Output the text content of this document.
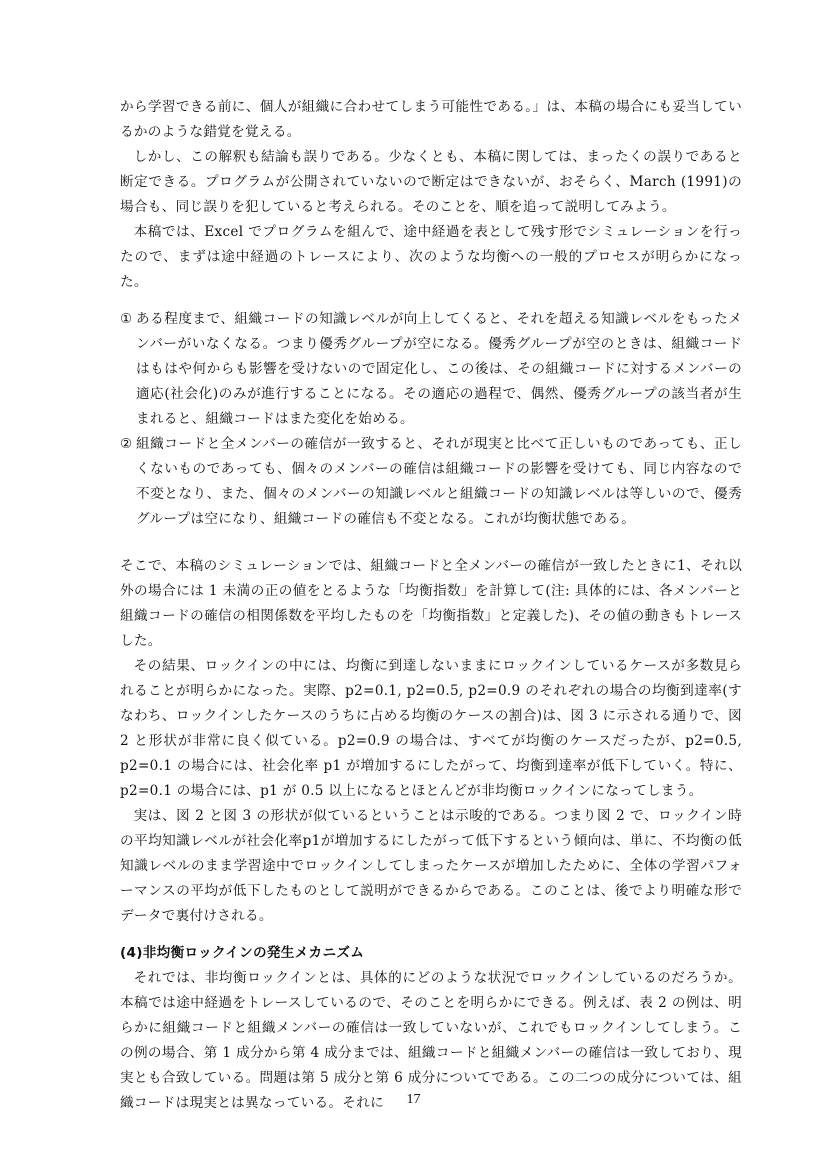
から学習できる前に、個人が組織に合わせてしまう可能性である。」は、本稿の場合にも妥当しているかのような錯覚を覚える。

しかし、この解釈も結論も誤りである。少なくとも、本稿に関しては、まったくの誤りであると断定できる。プログラムが公開されていないので断定はできないが、おそらく、March (1991)の場合も、同じ誤りを犯していると考えられる。そのことを、順を追って説明してみよう。

本稿では、Excel でプログラムを組んで、途中経過を表として残す形でシミュレーションを行ったので、まずは途中経過のトレースにより、次のような均衡への一般的プロセスが明らかになった。

① ある程度まで、組織コードの知識レベルが向上してくると、それを超える知識レベルをもったメンバーがいなくなる。つまり優秀グループが空になる。優秀グループが空のときは、組織コードはもはや何からも影響を受けないので固定化し、この後は、その組織コードに対するメンバーの適応(社会化)のみが進行することになる。その適応の過程で、偶然、優秀グループの該当者が生まれると、組織コードはまた変化を始める。
② 組織コードと全メンバーの確信が一致すると、それが現実と比べて正しいものであっても、正しくないものであっても、個々のメンバーの確信は組織コードの影響を受けても、同じ内容なので不変となり、また、個々のメンバーの知識レベルと組織コードの知識レベルは等しいので、優秀グループは空になり、組織コードの確信も不変となる。これが均衡状態である。

そこで、本稿のシミュレーションでは、組織コードと全メンバーの確信が一致したときに1、それ以外の場合には 1 未満の正の値をとるような「均衡指数」を計算して(注: 具体的には、各メンバーと組織コードの確信の相関係数を平均したものを「均衡指数」と定義した)、その値の動きもトレースした。

その結果、ロックインの中には、均衡に到達しないままにロックインしているケースが多数見られることが明らかになった。実際、p2=0.1, p2=0.5, p2=0.9 のそれぞれの場合の均衡到達率(すなわち、ロックインしたケースのうちに占める均衡のケースの割合)は、図 3 に示される通りで、図 2 と形状が非常に良く似ている。p2=0.9 の場合は、すべてが均衡のケースだったが、p2=0.5, p2=0.1 の場合には、社会化率 p1 が増加するにしたがって、均衡到達率が低下していく。特に、p2=0.1 の場合には、p1 が 0.5 以上になるとほとんどが非均衡ロックインになってしまう。

実は、図 2 と図 3 の形状が似ているということは示唆的である。つまり図 2 で、ロックイン時の平均知識レベルが社会化率p1が増加するにしたがって低下するという傾向は、単に、不均衡の低知識レベルのまま学習途中でロックインしてしまったケースが増加したために、全体の学習パフォーマンスの平均が低下したものとして説明ができるからである。このことは、後でより明確な形でデータで裏付けされる。

(4)非均衡ロックインの発生メカニズム

それでは、非均衡ロックインとは、具体的にどのような状況でロックインしているのだろうか。本稿では途中経過をトレースしているので、そのことを明らかにできる。例えば、表 2 の例は、明らかに組織コードと組織メンバーの確信は一致していないが、これでもロックインしてしまう。この例の場合、第 1 成分から第 4 成分までは、組織コードと組織メンバーの確信は一致しており、現実とも合致している。問題は第 5 成分と第 6 成分についてである。この二つの成分については、組織コードは現実とは異なっている。それに	17
